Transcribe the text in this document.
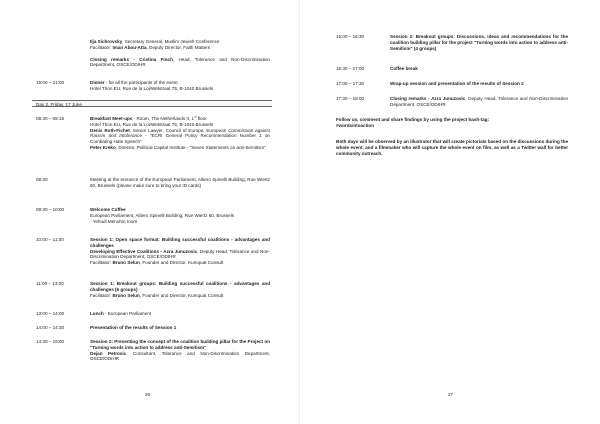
Ilja Sichrovsky, Secretary General, Muslim Jewish Conference

Facilitator: Iman Abou-Atta, Deputy Director, Faith Matters

Closing remarks - Cristina Finch, Head, Tolerance and Non-Discrimination Department, OSCE/ODIHR

19:00 – 21:00	Dinner - for all the participants of the event

Hotel Thon EU, Rue de la Loi/Wetstraat 75, B-1040 Brussels

Day 2, Friday, 17 June
08:30 – 09:15	Breakfast Meet-ups - Room, The Netherlands II, 1st floor

Hotel Thon EU, Rue de la Loi/Wetstraat 75, B-1040 Brussels

Denis Roth-Fichet, Senior Lawyer, Council of Europe, European Commission against Racism and Intolerance - "ECRI General Policy Recommendation Number 1 on Combating Hate Speech"

Peter Kreko, Director, Political Capital Institute - "Seven Statements on anti-Semitism"

09:30	Meeting at the entrance of the European Parliament, Altiero Spinelli Building, Rue Wiertz 60, Brussels (please make sure to bring your ID cards)

09:30 – 10:00	Welcome Coffee

European Parliament, Altiero Spinelli Building, Rue Wiertz 60, Brussels

- Yehudi Menuhin room

10:00 – 11:00	Session 1: Open space format: Building successful coalitions - advantages and challenges

Developing Effective Coalitions - Azra Junuzovic, Deputy Head, Tolerance and Non-Discrimination Department, OSCE/ODIHR

Facilitator: Bruno Selun, Founder and Director, Kumquat Consult

11:00 – 13:00	Session 1: Breakout groups: Building successful coalitions - advantages and challenges (6 groups)

Facilitator: Bruno Selun, Founder and Director, Kumquat Consult

13:00 – 14:00	Lunch - European Parliament

14:00 – 14:30	Presentation of the results of Session 1

14:30 – 15:00	Session 2: Presenting the concept of the coalition building pillar for the Project on "Turning words into action to address anti-Semitism"

Dejan Petrovic, Consultant, Tolerance and Non-Discrimination Department, OSCE/ODIHR

26
15:00 – 16:30	Session 2: Breakout groups: Discussions, ideas and recommendations for the coalition building pillar for the project "Turning words into action to address anti-Semitism" (4 groups)

16:30 – 17:00	Coffee break

17:00 – 17:30	Wrap-up session and presentation of the results of Session 2

17:30 – 18:00	Closing remarks - Azra Junuzovic, Deputy Head, Tolerance and Non-Discrimination Department, OSCE/ODIHR

27

Follow us, comment and share findings by using the project hash-tag:

#wordsintoaction

Both days will be observed by an illustrator that will create pictorials based on the discussions during the whole event, and a filmmaker who will capture the whole event on film, as well as a Twitter wall for better community outreach.
